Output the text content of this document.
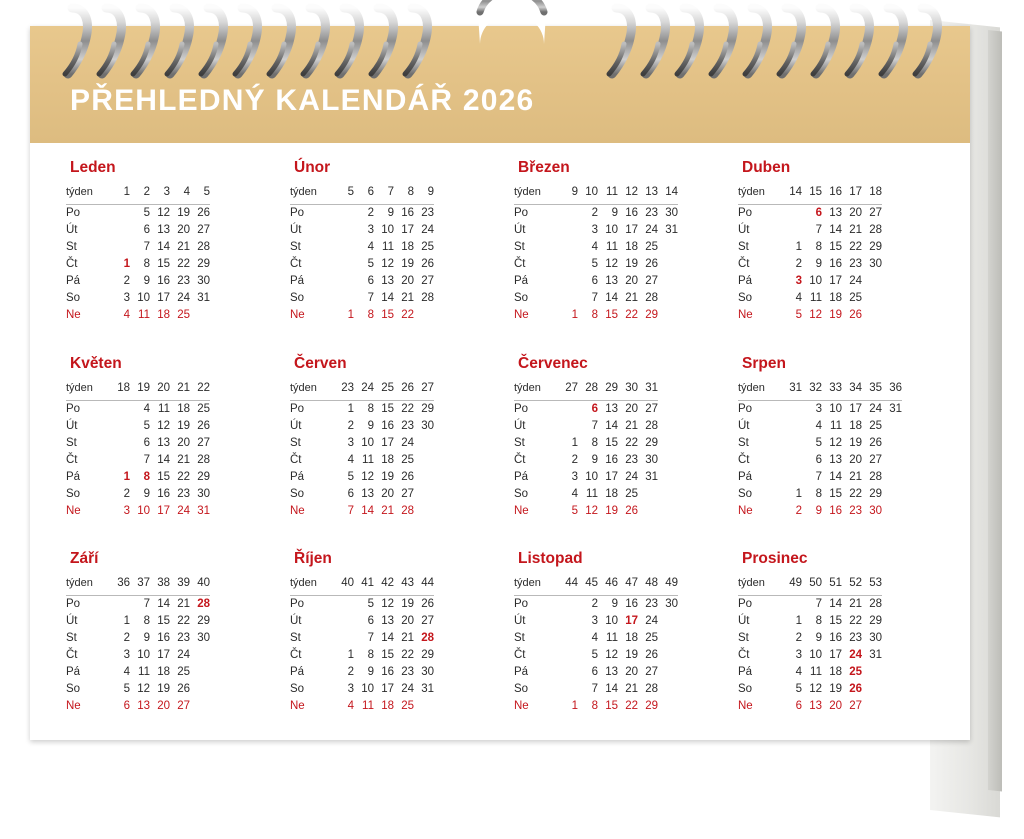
PŘEHLEDNÝ KALENDÁŘ 2026
Leden
týden	1	2	3	4	5

Po		5	12	19	26
Út		6	13	20	27
St		7	14	21	28
Čt	1	8	15	22	29
Pá	2	9	16	23	30
So	3	10	17	24	31
Ne	4	11	18	25	
Únor
týden	5	6	7	8	9

Po		2	9	16	23
Út		3	10	17	24
St		4	11	18	25
Čt		5	12	19	26
Pá		6	13	20	27
So		7	14	21	28
Ne	1	8	15	22	
Březen
týden	9	10	11	12	13	14

Po		2	9	16	23	30
Út		3	10	17	24	31
St		4	11	18	25	
Čt		5	12	19	26	
Pá		6	13	20	27	
So		7	14	21	28	
Ne	1	8	15	22	29	
Duben
týden	14	15	16	17	18

Po		6	13	20	27
Út		7	14	21	28
St	1	8	15	22	29
Čt	2	9	16	23	30
Pá	3	10	17	24	
So	4	11	18	25	
Ne	5	12	19	26	
Květen
týden	18	19	20	21	22

Po		4	11	18	25
Út		5	12	19	26
St		6	13	20	27
Čt		7	14	21	28
Pá	1	8	15	22	29
So	2	9	16	23	30
Ne	3	10	17	24	31
Červen
týden	23	24	25	26	27

Po	1	8	15	22	29
Út	2	9	16	23	30
St	3	10	17	24	
Čt	4	11	18	25	
Pá	5	12	19	26	
So	6	13	20	27	
Ne	7	14	21	28	
Červenec
týden	27	28	29	30	31

Po		6	13	20	27
Út		7	14	21	28
St	1	8	15	22	29
Čt	2	9	16	23	30
Pá	3	10	17	24	31
So	4	11	18	25	
Ne	5	12	19	26	
Srpen
týden	31	32	33	34	35	36

Po		3	10	17	24	31
Út		4	11	18	25	
St		5	12	19	26	
Čt		6	13	20	27	
Pá		7	14	21	28	
So	1	8	15	22	29	
Ne	2	9	16	23	30	
Září
týden	36	37	38	39	40

Po		7	14	21	28
Út	1	8	15	22	29
St	2	9	16	23	30
Čt	3	10	17	24	
Pá	4	11	18	25	
So	5	12	19	26	
Ne	6	13	20	27	
Říjen
týden	40	41	42	43	44

Po		5	12	19	26
Út		6	13	20	27
St		7	14	21	28
Čt	1	8	15	22	29
Pá	2	9	16	23	30
So	3	10	17	24	31
Ne	4	11	18	25	
Listopad
týden	44	45	46	47	48	49

Po		2	9	16	23	30
Út		3	10	17	24	
St		4	11	18	25	
Čt		5	12	19	26	
Pá		6	13	20	27	
So		7	14	21	28	
Ne	1	8	15	22	29	
Prosinec
týden	49	50	51	52	53

Po		7	14	21	28
Út	1	8	15	22	29
St	2	9	16	23	30
Čt	3	10	17	24	31
Pá	4	11	18	25	
So	5	12	19	26	
Ne	6	13	20	27	
